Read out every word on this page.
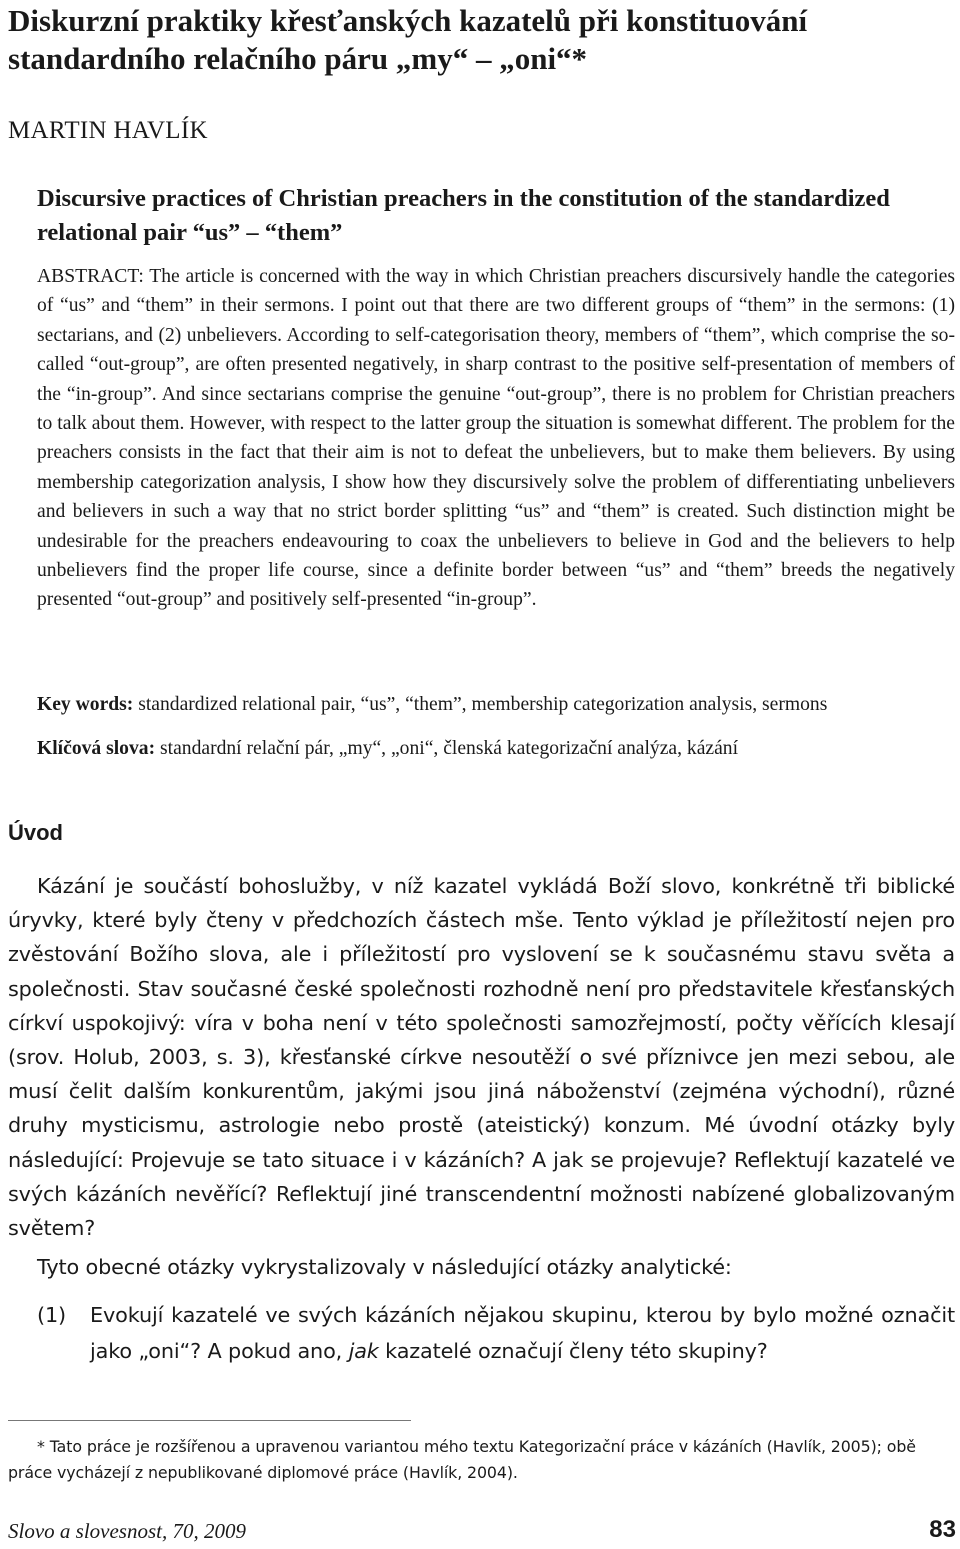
Diskurzní praktiky křesťanských kazatelů při konstituování standardního relačního páru „my“ – „oni“*
MARTIN HAVLÍK
Discursive practices of Christian preachers in the constitution of the standardized relational pair “us” – “them”

ABSTRACT: The article is concerned with the way in which Christian preachers discursively handle the categories of “us” and “them” in their sermons. I point out that there are two different groups of “them” in the sermons: (1) sectarians, and (2) unbelievers. According to self-categorisation theory, members of “them”, which comprise the so-called “out-group”, are often presented negatively, in sharp contrast to the positive self-presentation of members of the “in-group”. And since sectarians comprise the genuine “out-group”, there is no problem for Christian preachers to talk about them. However, with respect to the latter group the situation is somewhat different. The problem for the preachers consists in the fact that their aim is not to defeat the unbelievers, but to make them believers. By using membership categorization analysis, I show how they discursively solve the problem of differentiating unbelievers and believers in such a way that no strict border splitting “us” and “them” is created. Such distinction might be undesirable for the preachers endeavouring to coax the unbelievers to believe in God and the believers to help unbelievers find the proper life course, since a definite border between “us” and “them” breeds the negatively presented “out-group” and positively self-presented “in-group”.

Key words: standardized relational pair, “us”, “them”, membership categorization analysis, sermons

Klíčová slova: standardní relační pár, „my“, „oni“, členská kategorizační analýza, kázání

Úvod

Kázání je součástí bohoslužby, v níž kazatel vykládá Boží slovo, konkrétně tři biblické úryvky, které byly čteny v předchozích částech mše. Tento výklad je příležitostí nejen pro zvěstování Božího slova, ale i příležitostí pro vyslovení se k současnému stavu světa a společnosti. Stav současné české společnosti rozhodně není pro představitele křesťanských církví uspokojivý: víra v boha není v této společnosti samozřejmostí, počty věřících klesají (srov. Holub, 2003, s. 3), křesťanské církve nesoutěží o své příznivce jen mezi sebou, ale musí čelit dalším konkurentům, jakými jsou jiná náboženství (zejména východní), různé druhy mysticismu, astrologie nebo prostě (ateistický) konzum. Mé úvodní otázky byly následující: Projevuje se tato situace i v kázáních? A jak se projevuje? Reflektují kazatelé ve svých kázáních nevěřící? Reflektují jiné transcendentní možnosti nabízené globalizovaným světem?

Tyto obecné otázky vykrystalizovaly v následující otázky analytické:

(1)	Evokují kazatelé ve svých kázáních nějakou skupinu, kterou by bylo možné označit jako „oni“? A pokud ano, jak kazatelé označují členy této skupiny?

* Tato práce je rozšířenou a upravenou variantou mého textu Kategorizační práce v kázáních (Havlík, 2005); obě práce vycházejí z nepublikované diplomové práce (Havlík, 2004).

Slovo a slovesnost, 70, 2009	83
